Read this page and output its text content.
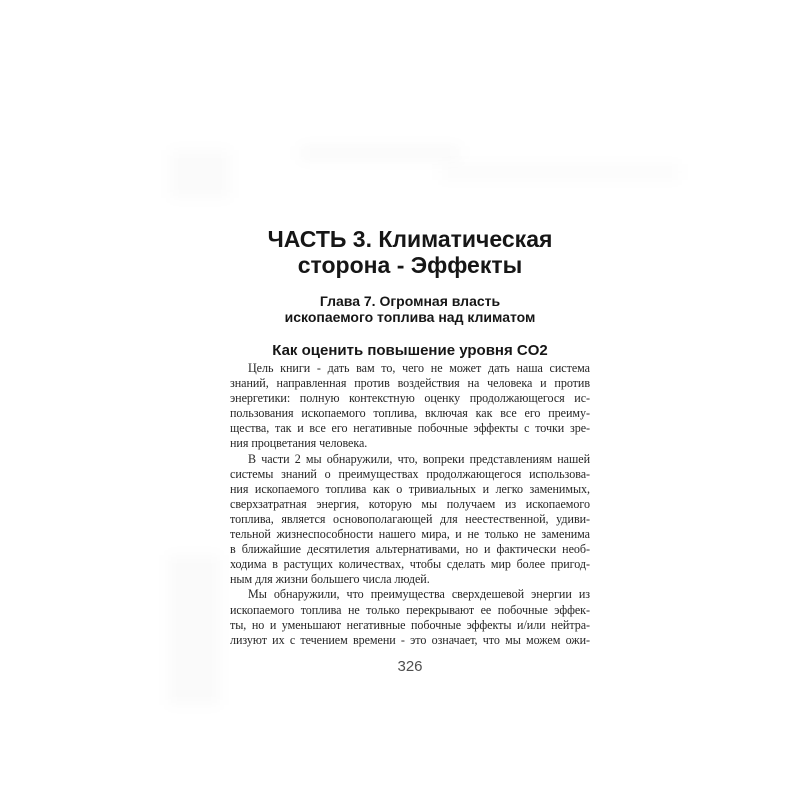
ЧАСТЬ 3. Климатическая
сторона - Эффекты
Глава 7. Огромная власть
ископаемого топлива над климатом
Как оценить повышение уровня CO2
Цель книги - дать вам то, чего не может дать наша система
знаний, направленная против воздействия на человека и против
энергетики: полную контекстную оценку продолжающегося ис-
пользования ископаемого топлива, включая как все его преиму-
щества, так и все его негативные побочные эффекты с точки зре-
ния процветания человека.
В части 2 мы обнаружили, что, вопреки представлениям нашей
системы знаний о преимуществах продолжающегося использова-
ния ископаемого топлива как о тривиальных и легко заменимых,
сверхзатратная энергия, которую мы получаем из ископаемого
топлива, является основополагающей для неестественной, удиви-
тельной жизнеспособности нашего мира, и не только не заменима
в ближайшие десятилетия альтернативами, но и фактически необ-
ходима в растущих количествах, чтобы сделать мир более пригод-
ным для жизни большего числа людей.
Мы обнаружили, что преимущества сверхдешевой энергии из
ископаемого топлива не только перекрывают ее побочные эффек-
ты, но и уменьшают негативные побочные эффекты и/или нейтра-
лизуют их с течением времени - это означает, что мы можем ожи-
326
